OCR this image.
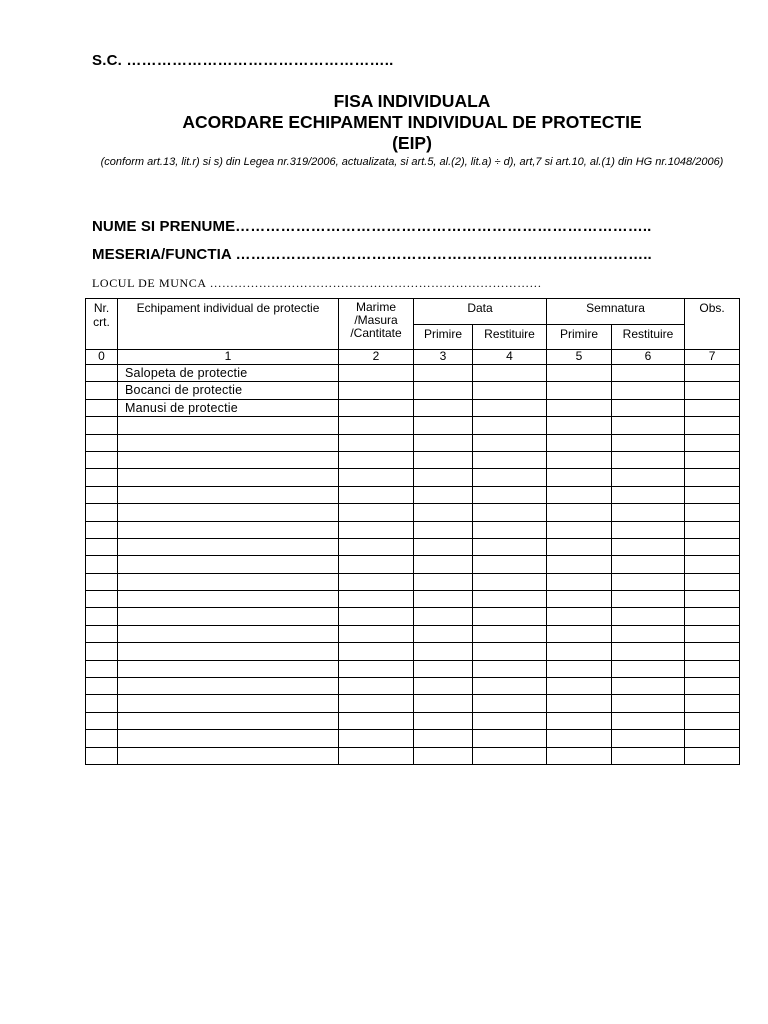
S.C. ……………………………………………..
FISA INDIVIDUALA
ACORDARE ECHIPAMENT INDIVIDUAL DE PROTECTIE
(EIP)
(conform art.13, lit.r) si s) din Legea nr.319/2006, actualizata, si art.5, al.(2), lit.a) ÷ d), art,7 si art.10, al.(1) din HG nr.1048/2006)
NUME SI PRENUME………………………………………………………………………..
MESERIA/FUNCTIA ………………………………………………………………………..
LOCUL DE MUNCA ………………………………………………………………………
Nr. crt.	Echipament individual de protectie	Marime /Masura /Cantitate	Data		Semnatura		Obs.
			Primire	Restituire	Primire	Restituire	
0	1	2	3	4	5	6	7
	Salopeta de protectie						
	Bocanci de protectie						
	Manusi de protectie						
